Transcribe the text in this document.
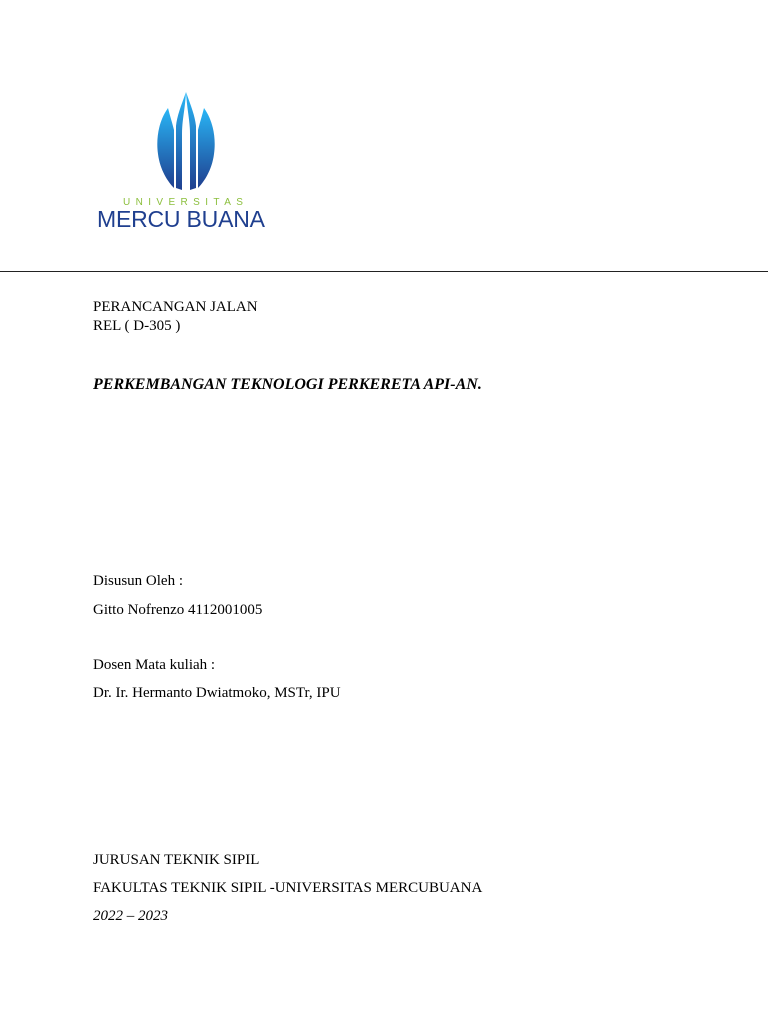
UNIVERSITAS
MERCU BUANA
PERANCANGAN JALAN
REL ( D-305 )
PERKEMBANGAN TEKNOLOGI PERKERETA API-AN.
Disusun Oleh :
Gitto Nofrenzo 4112001005
Dosen Mata kuliah :
Dr. Ir. Hermanto Dwiatmoko, MSTr, IPU
JURUSAN TEKNIK SIPIL
FAKULTAS TEKNIK SIPIL -UNIVERSITAS MERCUBUANA
2022 – 2023
